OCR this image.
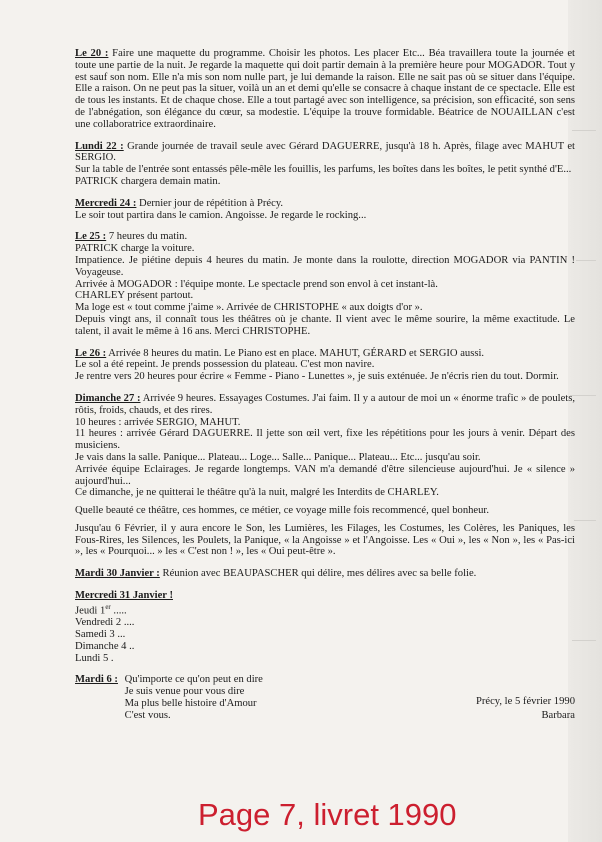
Le 20 : Faire une maquette du programme. Choisir les photos. Les placer Etc... Béa travaillera toute la journée et toute une partie de la nuit. Je regarde la maquette qui doit partir demain à la première heure pour MOGADOR. Tout y est sauf son nom. Elle n'a mis son nom nulle part, je lui demande la raison. Elle ne sait pas où se situer dans l'équipe. Elle a raison. On ne peut pas la situer, voilà un an et demi qu'elle se consacre à chaque instant de ce spectacle. Elle est de tous les instants. Et de chaque chose. Elle a tout partagé avec son intelligence, sa précision, son efficacité, son sens de l'abnégation, son élégance du cœur, sa modestie. L'équipe la trouve formidable. Béatrice de NOUAILLAN c'est une collaboratrice extraordinaire.

Lundi 22 : Grande journée de travail seule avec Gérard DAGUERRE, jusqu'à 18 h. Après, filage avec MAHUT et SERGIO.

Sur la table de l'entrée sont entassés pêle-mêle les fouillis, les parfums, les boîtes dans les boîtes, le petit synthé d'E...

PATRICK chargera demain matin.

Mercredi 24 : Dernier jour de répétition à Précy.

Le soir tout partira dans le camion. Angoisse. Je regarde le rocking...

Le 25 : 7 heures du matin.

PATRICK charge la voiture.

Impatience. Je piétine depuis 4 heures du matin. Je monte dans la roulotte, direction MOGADOR via PANTIN ! Voyageuse.

Arrivée à MOGADOR : l'équipe monte. Le spectacle prend son envol à cet instant-là.

CHARLEY présent partout.

Ma loge est « tout comme j'aime ». Arrivée de CHRISTOPHE « aux doigts d'or ».

Depuis vingt ans, il connaît tous les théâtres où je chante. Il vient avec le même sourire, la même exactitude. Le talent, il avait le même à 16 ans. Merci CHRISTOPHE.

Le 26 : Arrivée 8 heures du matin. Le Piano est en place. MAHUT, GÉRARD et SERGIO aussi.

Le sol a été repeint. Je prends possession du plateau. C'est mon navire.

Je rentre vers 20 heures pour écrire « Femme - Piano - Lunettes », je suis exténuée. Je n'écris rien du tout. Dormir.

Dimanche 27 : Arrivée 9 heures. Essayages Costumes. J'ai faim. Il y a autour de moi un « énorme trafic » de poulets, rôtis, froids, chauds, et des rires.

10 heures : arrivée SERGIO, MAHUT.

11 heures : arrivée Gérard DAGUERRE. Il jette son œil vert, fixe les répétitions pour les jours à venir. Départ des musiciens.

Je vais dans la salle. Panique... Plateau... Loge... Salle... Panique... Plateau... Etc... jusqu'au soir.

Arrivée équipe Eclairages. Je regarde longtemps. VAN m'a demandé d'être silencieuse aujourd'hui. Je « silence » aujourd'hui...

Ce dimanche, je ne quitterai le théâtre qu'à la nuit, malgré les Interdits de CHARLEY.

Quelle beauté ce théâtre, ces hommes, ce métier, ce voyage mille fois recommencé, quel bonheur.

Jusqu'au 6 Février, il y aura encore le Son, les Lumières, les Filages, les Costumes, les Colères, les Paniques, les Fous-Rires, les Silences, les Poulets, la Panique, « la Angoisse » et l'Angoisse. Les « Oui », les « Non », les « Pas-ici », les « Pourquoi... » les « C'est non ! », les « Oui peut-être ».

Mardi 30 Janvier : Réunion avec BEAUPASCHER qui délire, mes délires avec sa belle folie.

Mercredi 31 Janvier !

Jeudi 1er .....
Vendredi 2 ....
Samedi 3 ...
Dimanche 4 ..
Lundi 5 .
Mardi 6 : Qu'importe ce qu'on peut en dire
Je suis venue pour vous dire
Ma plus belle histoire d'Amour
C'est vous.
Précy, le 5 février 1990
Barbara
Page 7, livret 1990
